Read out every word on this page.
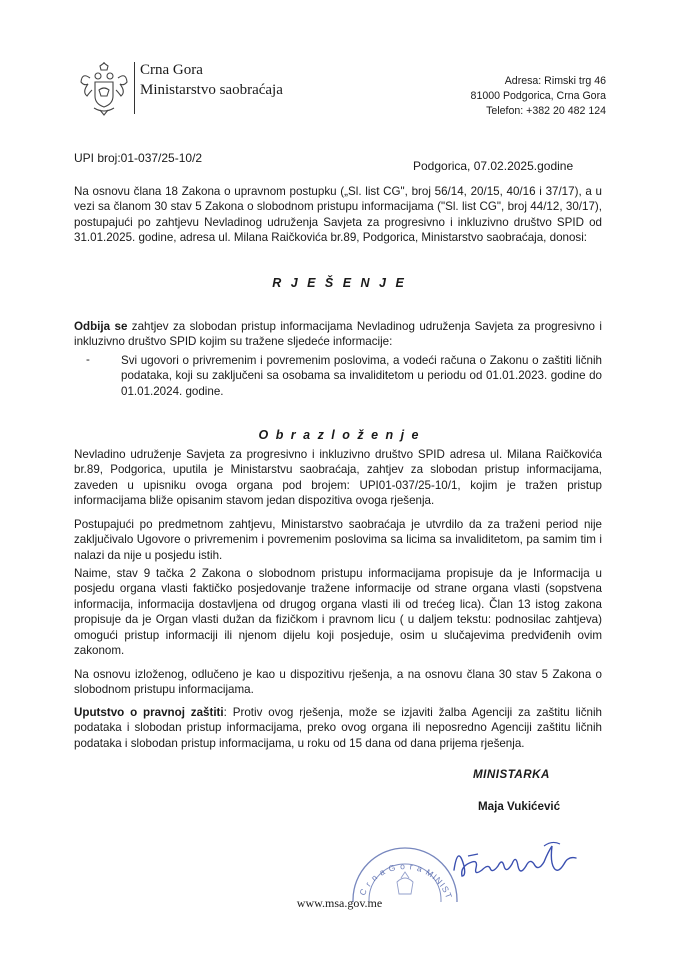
Crna Gora
Ministarstvo saobraćaja
Adresa: Rimski trg 46
81000 Podgorica, Crna Gora
Telefon: +382 20 482 124
UPI broj:01-037/25-10/2
Podgorica, 07.02.2025.godine
Na osnovu člana 18 Zakona o upravnom postupku („Sl. list CG", broj 56/14, 20/15, 40/16 i 37/17), a u vezi sa članom 30 stav 5 Zakona o slobodnom pristupu informacijama ("Sl. list CG", broj 44/12, 30/17), postupajući po zahtjevu Nevladinog udruženja Savjeta za progresivno i inkluzivno društvo SPID od 31.01.2025. godine, adresa ul. Milana Raičkovića br.89, Podgorica, Ministarstvo saobraćaja, donosi:
R J E Š E N J E
Odbija se zahtjev za slobodan pristup informacijama Nevladinog udruženja Savjeta za progresivno i inkluzivno društvo SPID kojim su tražene sljedeće informacije:
-	Svi ugovori o privremenim i povremenim poslovima, a vodeći računa o Zakonu o zaštiti ličnih podataka, koji su zaključeni sa osobama sa invaliditetom u periodu od 01.01.2023. godine do 01.01.2024. godine.
O b r a z l o ž e n j e
Nevladino udruženje Savjeta za progresivno i inkluzivno društvo SPID adresa ul. Milana Raičkovića br.89, Podgorica, uputila je Ministarstvu saobraćaja, zahtjev za slobodan pristup informacijama, zaveden u upisniku ovoga organa pod brojem: UPI01-037/25-10/1, kojim je tražen pristup informacijama bliže opisanim stavom jedan dispozitiva ovoga rješenja.
Postupajući po predmetnom zahtjevu, Ministarstvo saobraćaja je utvrdilo da za traženi period nije zaključivalo Ugovore o privremenim i povremenim poslovima sa licima sa invaliditetom, pa samim tim i nalazi da nije u posjedu istih.
Naime, stav 9 tačka 2 Zakona o slobodnom pristupu informacijama propisuje da je Informacija u posjedu organa vlasti faktičko posjedovanje tražene informacije od strane organa vlasti (sopstvena informacija, informacija dostavljena od drugog organa vlasti ili od trećeg lica). Član 13 istog zakona propisuje da je Organ vlasti dužan da fizičkom i pravnom licu ( u daljem tekstu: podnosilac zahtjeva) omogući pristup informaciji ili njenom dijelu koji posjeduje, osim u slučajevima predviđenih ovim zakonom.
Na osnovu izloženog, odlučeno je kao u dispozitivu rješenja, a na osnovu člana 30 stav 5 Zakona o slobodnom pristupu informacijama.
Uputstvo o pravnoj zaštiti: Protiv ovog rješenja, može se izjaviti žalba Agenciji za zaštitu ličnih podataka i slobodan pristup informacijama, preko ovog organa ili neposredno Agenciji zaštitu ličnih podataka i slobodan pristup informacijama, u roku od 15 dana od dana prijema rješenja.
MINISTARKA
Maja Vukićević
C r n a G o r a MINIST
www.msa.gov.me
